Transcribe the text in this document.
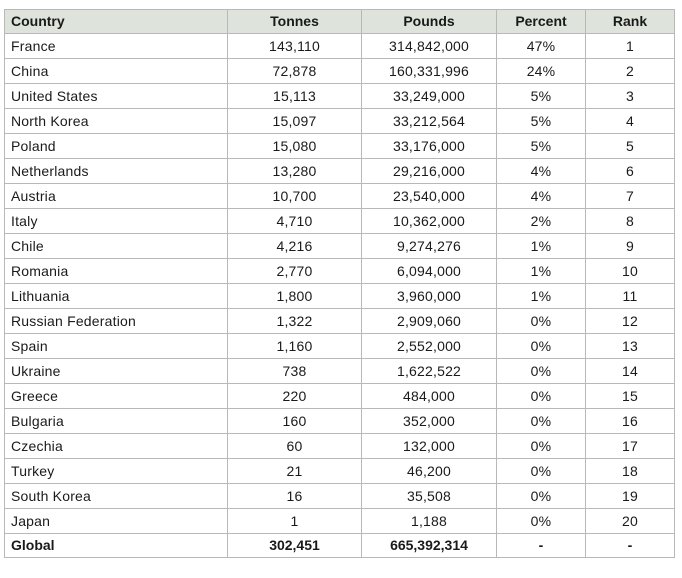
Country	Tonnes	Pounds	Percent	Rank
France	143,110	314,842,000	47%	1
China	72,878	160,331,996	24%	2
United States	15,113	33,249,000	5%	3
North Korea	15,097	33,212,564	5%	4
Poland	15,080	33,176,000	5%	5
Netherlands	13,280	29,216,000	4%	6
Austria	10,700	23,540,000	4%	7
Italy	4,710	10,362,000	2%	8
Chile	4,216	9,274,276	1%	9
Romania	2,770	6,094,000	1%	10
Lithuania	1,800	3,960,000	1%	11
Russian Federation	1,322	2,909,060	0%	12
Spain	1,160	2,552,000	0%	13
Ukraine	738	1,622,522	0%	14
Greece	220	484,000	0%	15
Bulgaria	160	352,000	0%	16
Czechia	60	132,000	0%	17
Turkey	21	46,200	0%	18
South Korea	16	35,508	0%	19
Japan	1	1,188	0%	20
Global	302,451	665,392,314	-	-
